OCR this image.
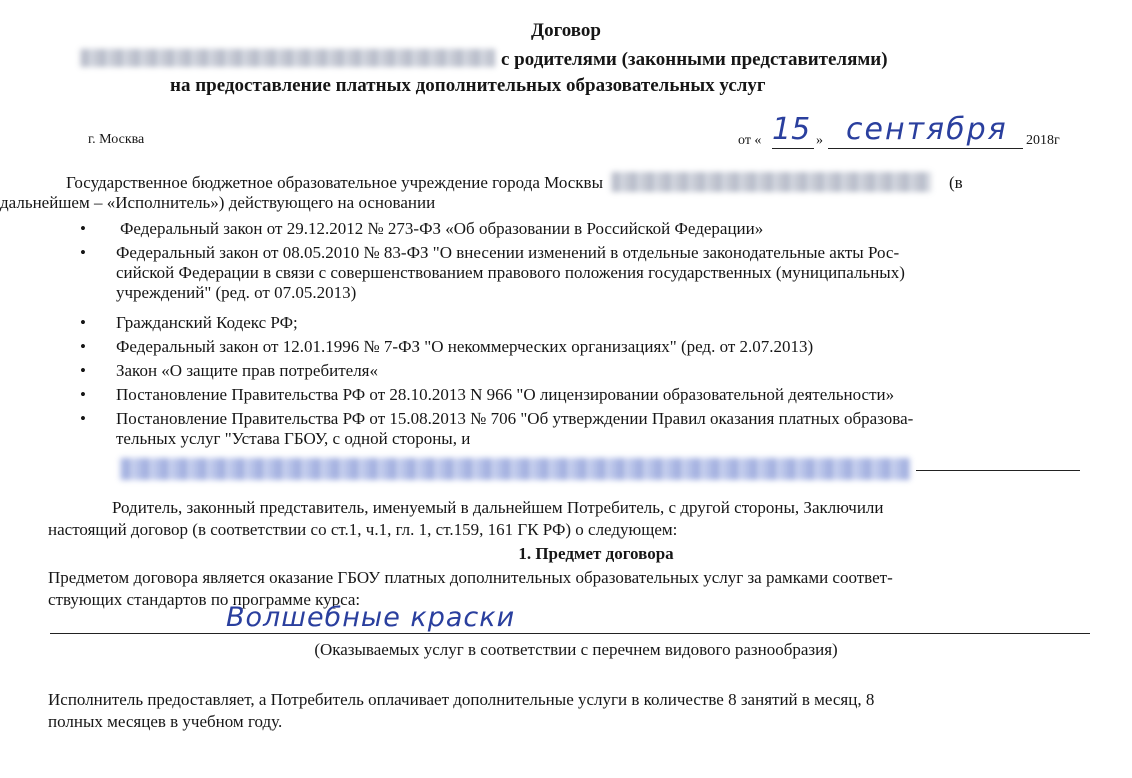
Договор
с родителями (законными представителями)
на предоставление платных дополнительных образовательных услуг
г. Москва	от « 15 » сентября 2018г
Государственное бюджетное образовательное учреждение города Москвы	(в
дальнейшем – «Исполнитель») действующего на основании
• Федеральный закон от 29.12.2012 № 273-ФЗ «Об образовании в Российской Федерации»
• Федеральный закон от 08.05.2010 № 83-ФЗ "О внесении изменений в отдельные законодательные акты Рос-
сийской Федерации в связи с совершенствованием правового положения государственных (муниципальных)
учреждений" (ред. от 07.05.2013)
• Гражданский Кодекс РФ;
• Федеральный закон от 12.01.1996 № 7-ФЗ "О некоммерческих организациях" (ред. от 2.07.2013)
• Закон «О защите прав потребителя«
• Постановление Правительства РФ от 28.10.2013 N 966 "О лицензировании образовательной деятельности»
• Постановление Правительства РФ от 15.08.2013 № 706 "Об утверждении Правил оказания платных образова-
тельных услуг "Устава ГБОУ, с одной стороны, и
Родитель, законный представитель, именуемый в дальнейшем Потребитель, с другой стороны, Заключили
настоящий договор (в соответствии со ст.1, ч.1, гл. 1, ст.159, 161 ГК РФ) о следующем:
1. Предмет договора
Предметом договора является оказание ГБОУ платных дополнительных образовательных услуг за рамками соответ-
ствующих стандартов по программе курса:
Волшебные краски
(Оказываемых услуг в соответствии с перечнем видового разнообразия)
Исполнитель предоставляет, а Потребитель оплачивает дополнительные услуги в количестве 8 занятий в месяц, 8
полных месяцев в учебном году.
